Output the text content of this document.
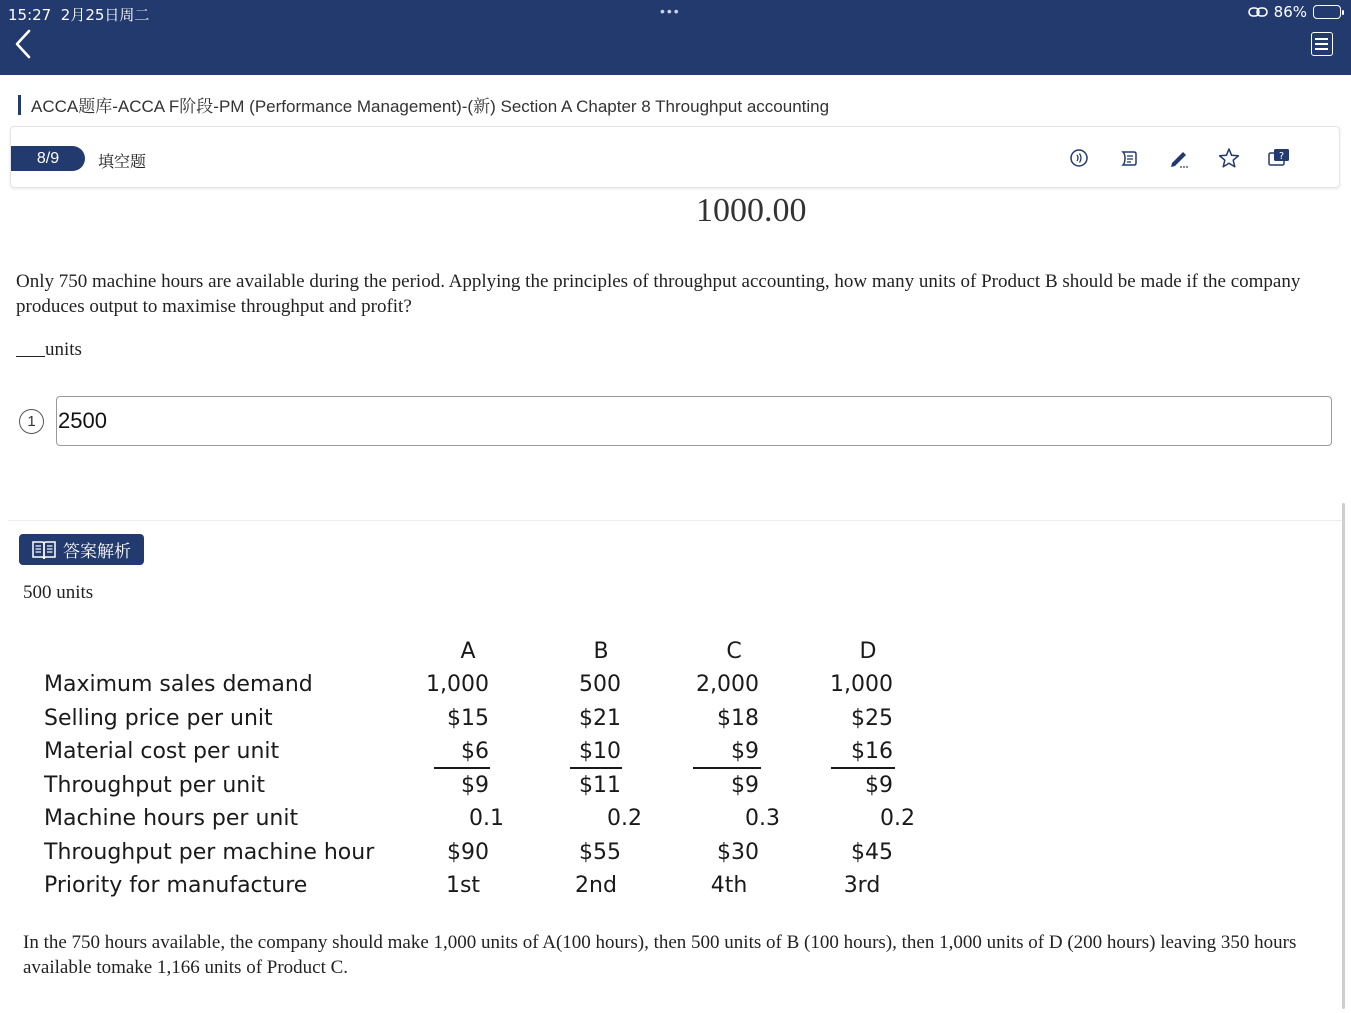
15:27 2月25日周二	•••	86%
ACCA题库-ACCA F阶段-PM (Performance Management)-(新) Section A Chapter 8 Throughput accounting
8/9	填空题	?
1000.00
Only 750 machine hours are available during the period. Applying the principles of throughput accounting, how many units of Product B should be made if the company produces output to maximise throughput and profit?
units
1
2500
答案解析
500 units
A	B	C	D
Maximum sales demand	1,000	500	2,000	1,000
Selling price per unit	$15	$21	$18	$25
Material cost per unit	$6	$10	$9	$16
Throughput per unit	$9	$11	$9	$9
Machine hours per unit	0.1	0.2	0.3	0.2
Throughput per machine hour	$90	$55	$30	$45
Priority for manufacture	1st	2nd	4th	3rd
In the 750 hours available, the company should make 1,000 units of A(100 hours), then 500 units of B (100 hours), then 1,000 units of D (200 hours) leaving 350 hours available tomake 1,166 units of Product C.
